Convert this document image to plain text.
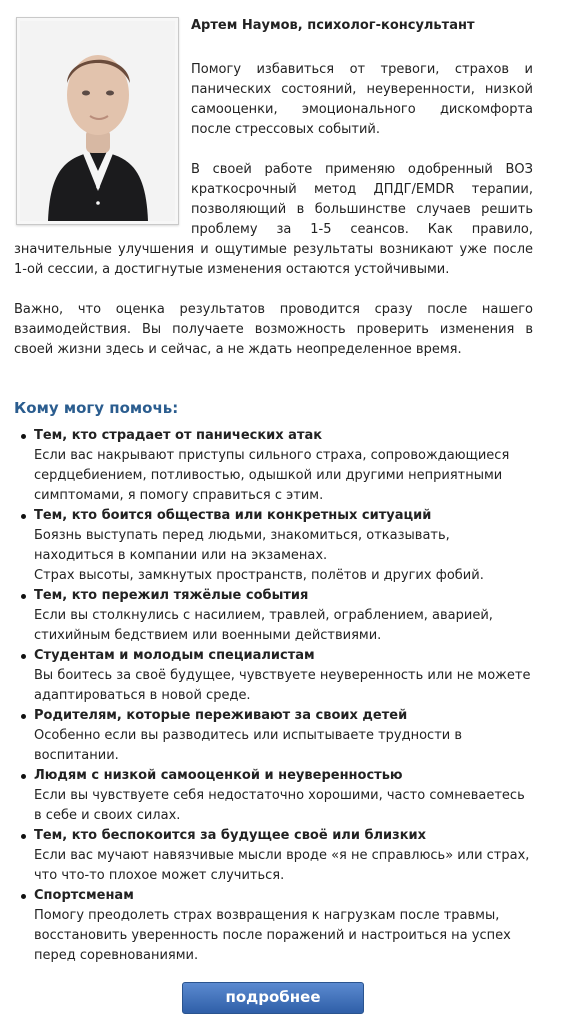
Артем Наумов, психолог-консультант

Помогу избавиться от тревоги, страхов и панических состояний, неуверенности, низкой самооценки, эмоционального дискомфорта после стрессовых событий.

В своей работе применяю одобренный ВОЗ краткосрочный метод ДПДГ/EMDR терапии, позволяющий в большинстве случаев решить проблему за 1-5 сеансов. Как правило, значительные улучшения и ощутимые результаты возникают уже после 1-ой сессии, а достигнутые изменения остаются устойчивыми.

Важно, что оценка результатов проводится сразу после нашего взаимодействия. Вы получаете возможность проверить изменения в своей жизни здесь и сейчас, а не ждать неопределенное время.

Кому могу помочь:
Тем, кто страдает от панических атак
Если вас накрывают приступы сильного страха, сопровождающиеся сердцебиением, потливостью, одышкой или другими неприятными симптомами, я помогу справиться с этим.
Тем, кто боится общества или конкретных ситуаций
Боязнь выступать перед людьми, знакомиться, отказывать, находиться в компании или на экзаменах.
Страх высоты, замкнутых пространств, полётов и других фобий.
Тем, кто пережил тяжёлые события
Если вы столкнулись с насилием, травлей, ограблением, аварией, стихийным бедствием или военными действиями.
Студентам и молодым специалистам
Вы боитесь за своё будущее, чувствуете неуверенность или не можете адаптироваться в новой среде.
Родителям, которые переживают за своих детей
Особенно если вы разводитесь или испытываете трудности в воспитании.
Людям с низкой самооценкой и неуверенностью
Если вы чувствуете себя недостаточно хорошими, часто сомневаетесь в себе и своих силах.
Тем, кто беспокоится за будущее своё или близких
Если вас мучают навязчивые мысли вроде «я не справлюсь» или страх, что что-то плохое может случиться.
Спортсменам
Помогу преодолеть страх возвращения к нагрузкам после травмы, восстановить уверенность после поражений и настроиться на успех перед соревнованиями.
подробнее
